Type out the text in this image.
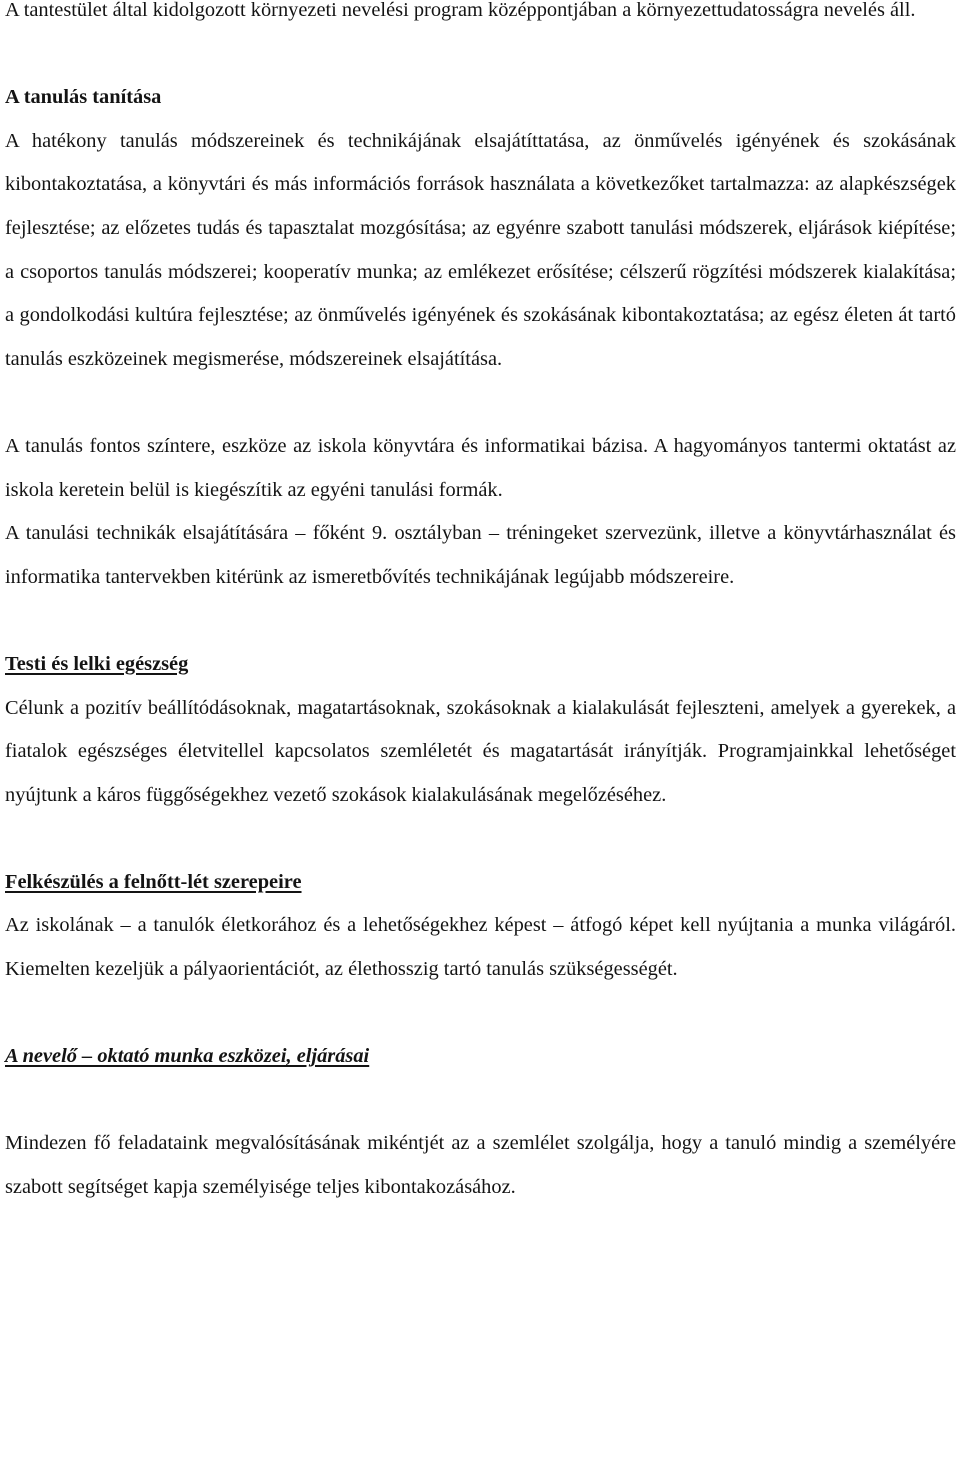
A tantestület által kidolgozott környezeti nevelési program középpontjában a környezettudatosságra nevelés áll.

A tanulás tanítása

A hatékony tanulás módszereinek és technikájának elsajátíttatása, az önművelés igényének és szokásának kibontakoztatása, a könyvtári és más információs források használata a következőket tartalmazza: az alapkészségek fejlesztése; az előzetes tudás és tapasztalat mozgósítása; az egyénre szabott tanulási módszerek, eljárások kiépítése; a csoportos tanulás módszerei; kooperatív munka; az emlékezet erősítése; célszerű rögzítési módszerek kialakítása; a gondolkodási kultúra fejlesztése; az önművelés igényének és szokásának kibontakoztatása; az egész életen át tartó tanulás eszközeinek megismerése, módszereinek elsajátítása.

A tanulás fontos színtere, eszköze az iskola könyvtára és informatikai bázisa. A hagyományos tantermi oktatást az iskola keretein belül is kiegészítik az egyéni tanulási formák.

A tanulási technikák elsajátítására – főként 9. osztályban – tréningeket szervezünk, illetve a könyvtárhasználat és informatika tantervekben kitérünk az ismeretbővítés technikájának legújabb módszereire.

Testi és lelki egészség

Célunk a pozitív beállítódásoknak, magatartásoknak, szokásoknak a kialakulását fejleszteni, amelyek a gyerekek, a fiatalok egészséges életvitellel kapcsolatos szemléletét és magatartását irányítják. Programjainkkal lehetőséget nyújtunk a káros függőségekhez vezető szokások kialakulásának megelőzéséhez.

Felkészülés a felnőtt-lét szerepeire

Az iskolának – a tanulók életkorához és a lehetőségekhez képest – átfogó képet kell nyújtania a munka világáról. Kiemelten kezeljük a pályaorientációt, az élethosszig tartó tanulás szükségességét.

A nevelő – oktató munka eszközei, eljárásai

Mindezen fő feladataink megvalósításának mikéntjét az a szemlélet szolgálja, hogy a tanuló mindig a személyére szabott segítséget kapja személyisége teljes kibontakozásához.
